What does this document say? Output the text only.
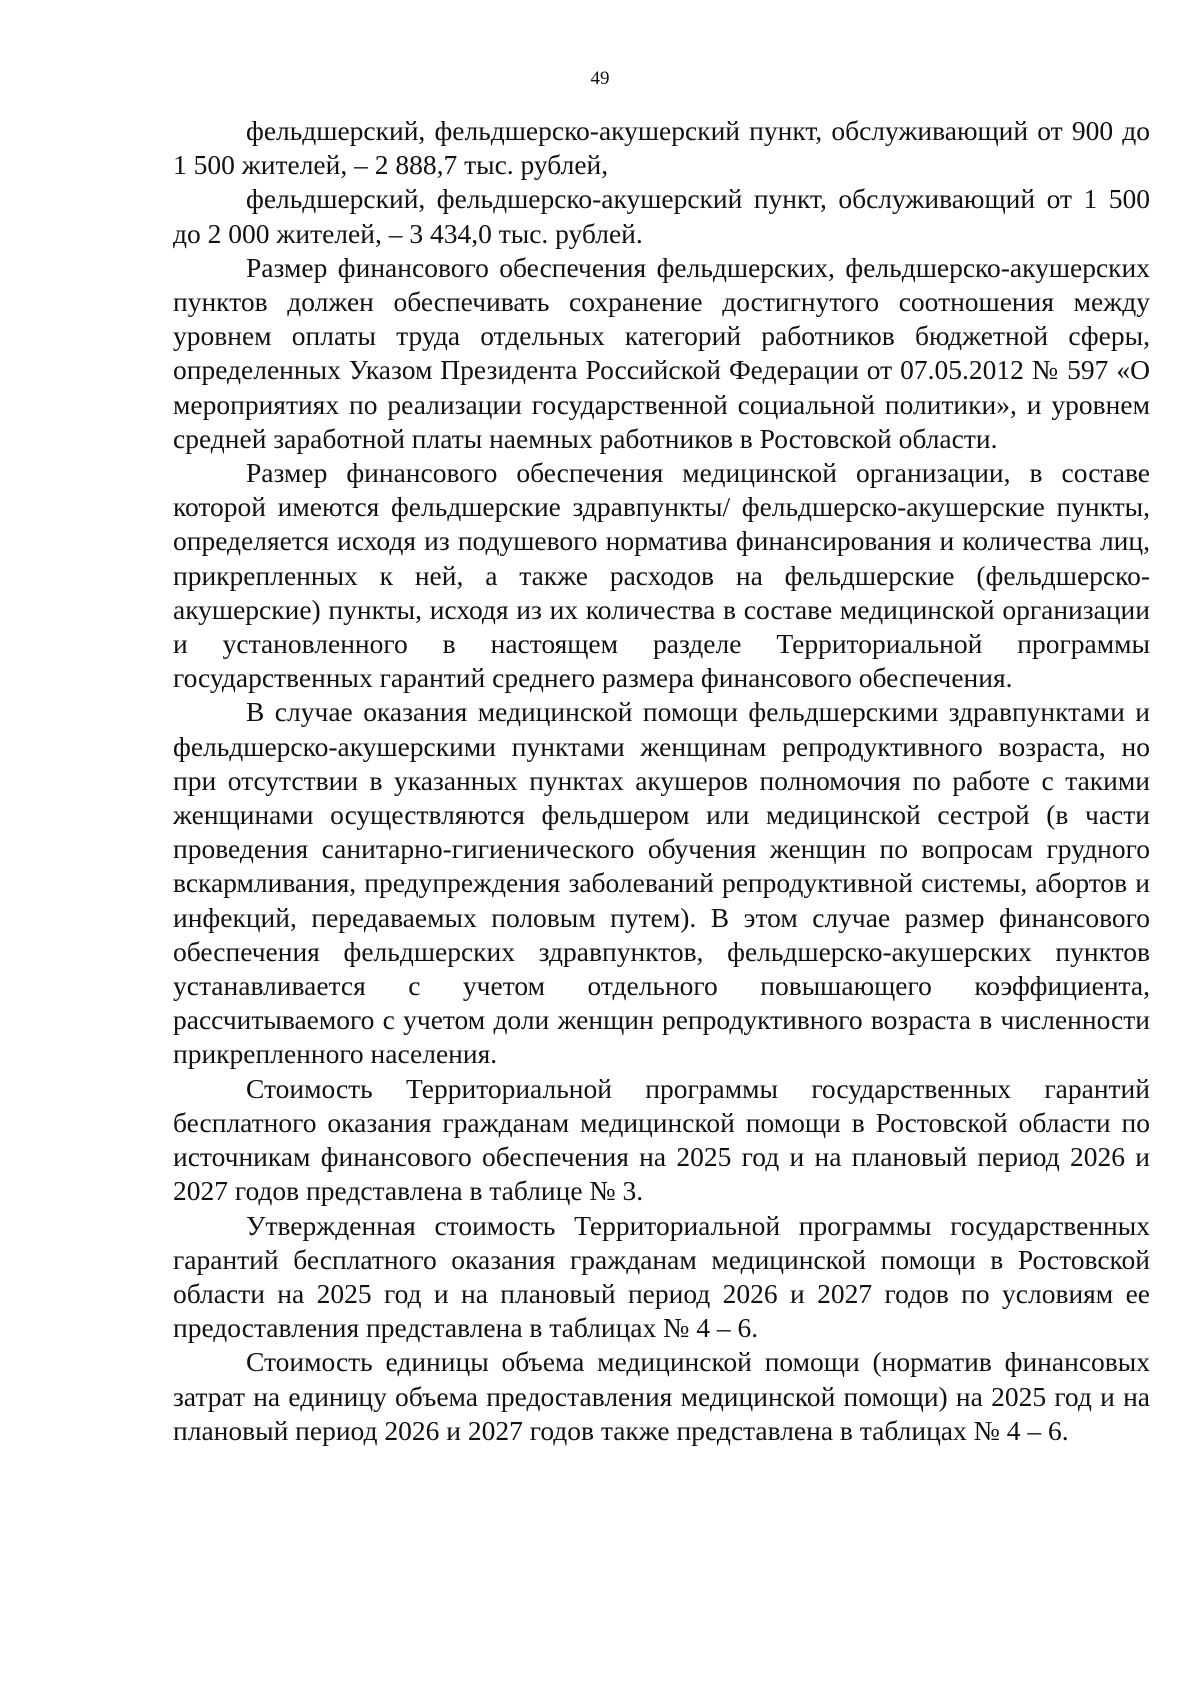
49

фельдшерский, фельдшерско-акушерский пункт, обслуживающий от 900 до 1 500 жителей, – 2 888,7 тыс. рублей,

фельдшерский, фельдшерско-акушерский пункт, обслуживающий от 1 500 до 2 000 жителей, – 3 434,0 тыс. рублей.

Размер финансового обеспечения фельдшерских, фельдшерско-акушерских пунктов должен обеспечивать сохранение достигнутого соотношения между уровнем оплаты труда отдельных категорий работников бюджетной сферы, определенных Указом Президента Российской Федерации от 07.05.2012 № 597 «О мероприятиях по реализации государственной социальной политики», и уровнем средней заработной платы наемных работников в Ростовской области.

Размер финансового обеспечения медицинской организации, в составе которой имеются фельдшерские здравпункты/ фельдшерско-акушерские пункты, определяется исходя из подушевого норматива финансирования и количества лиц, прикрепленных к ней, а также расходов на фельдшерские (фельдшерско-акушерские) пункты, исходя из их количества в составе медицинской организации и установленного в настоящем разделе Территориальной программы государственных гарантий среднего размера финансового обеспечения.

В случае оказания медицинской помощи фельдшерскими здравпунктами и фельдшерско-акушерскими пунктами женщинам репродуктивного возраста, но при отсутствии в указанных пунктах акушеров полномочия по работе с такими женщинами осуществляются фельдшером или медицинской сестрой (в части проведения санитарно-гигиенического обучения женщин по вопросам грудного вскармливания, предупреждения заболеваний репродуктивной системы, абортов и инфекций, передаваемых половым путем). В этом случае размер финансового обеспечения фельдшерских здравпунктов, фельдшерско-акушерских пунктов устанавливается с учетом отдельного повышающего коэффициента, рассчитываемого с учетом доли женщин репродуктивного возраста в численности прикрепленного населения.

Стоимость Территориальной программы государственных гарантий бесплатного оказания гражданам медицинской помощи в Ростовской области по источникам финансового обеспечения на 2025 год и на плановый период 2026 и 2027 годов представлена в таблице № 3.

Утвержденная стоимость Территориальной программы государственных гарантий бесплатного оказания гражданам медицинской помощи в Ростовской области на 2025 год и на плановый период 2026 и 2027 годов по условиям ее предоставления представлена в таблицах № 4 – 6.

Стоимость единицы объема медицинской помощи (норматив финансовых затрат на единицу объема предоставления медицинской помощи) на 2025 год и на плановый период 2026 и 2027 годов также представлена в таблицах № 4 – 6.
